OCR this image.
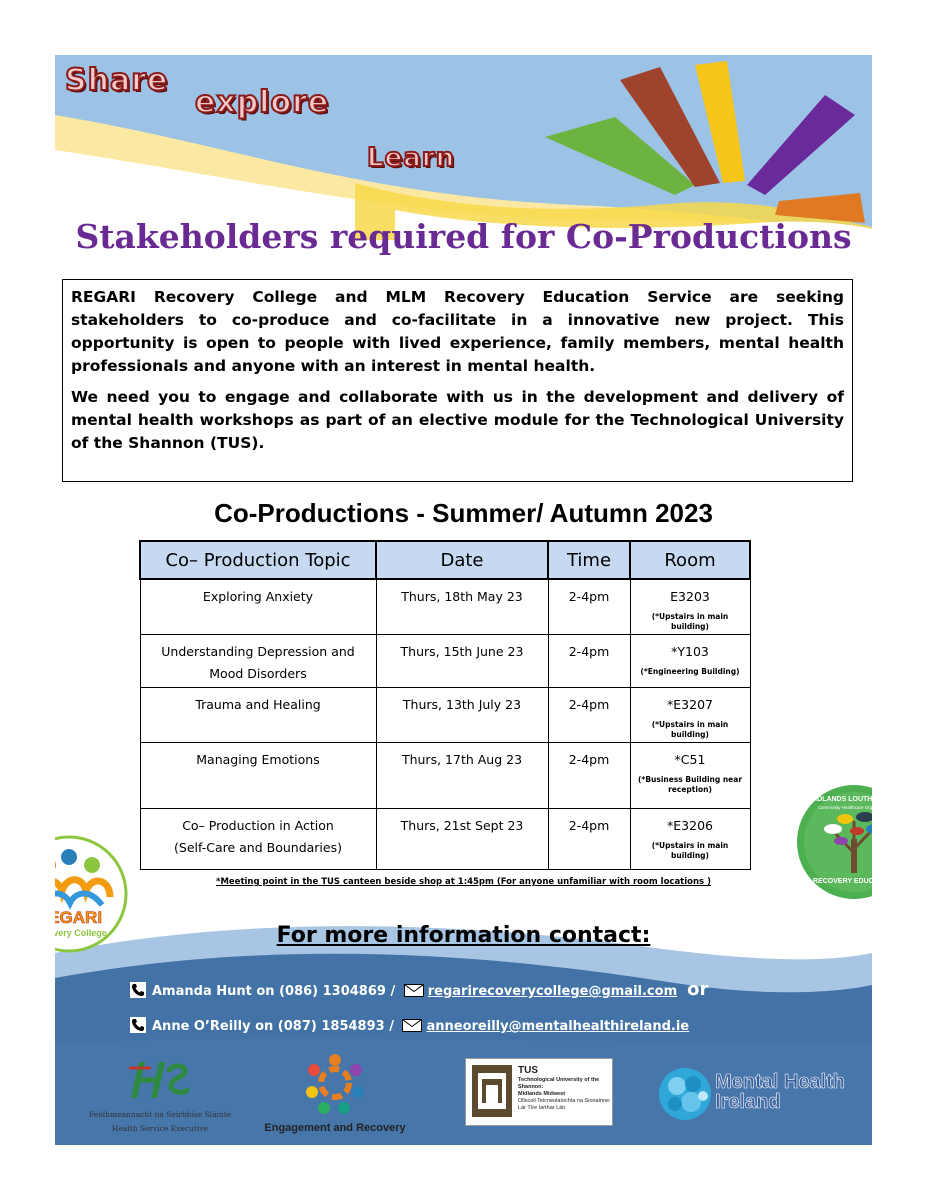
Share
explore
Learn
Stakeholders required for Co-Productions

REGARI Recovery College and MLM Recovery Education Service are seeking stakeholders to co-produce and co-facilitate in a innovative new project. This opportunity is open to people with lived experience, family members, mental health professionals and anyone with an interest in mental health.

We need you to engage and collaborate with us in the development and delivery of mental health workshops as part of an elective module for the Technological University of the Shannon (TUS).

Co-Productions - Summer/ Autumn 2023
Co– Production Topic	Date	Time	Room
Exploring Anxiety	Thurs, 18th May 23	2-4pm	E3203
(*Upstairs in main building)

Understanding Depression and Mood Disorders	Thurs, 15th June 23	2-4pm	*Y103
(*Engineering Building)

Trauma and Healing	Thurs, 13th July 23	2-4pm	*E3207
(*Upstairs in main building)

Managing Emotions	Thurs, 17th Aug 23	2-4pm	*C51
(*Business Building near reception)

Co– Production in Action
(Self-Care and Boundaries)	Thurs, 21st Sept 23	2-4pm	*E3206
(*Upstairs in main building)
*Meeting point in the TUS canteen beside shop at 1:45pm (For anyone unfamiliar with room locations )
For more information contact:
Amanda Hunt on (086) 1304869 /	regarirecoverycollege@gmail.com or
Anne O’Reilly on (087) 1854893 /	anneoreilly@mentalhealthireland.ie
Feidhmeannacht na Seirbhíse Sláinte
Health Service Executive	Engagement and Recovery
TUS
Technological University of the Shannon:
Midlands Midwest
Ollscoil Teicneolaíochta na Sionainne:
Lár Tíre Iarthar Láir
Mental Health
Ireland
REGARI
Recovery College
MIDLANDS LOUTH MEATH
Community Healthcare Organisation
RECOVERY EDUCATION
